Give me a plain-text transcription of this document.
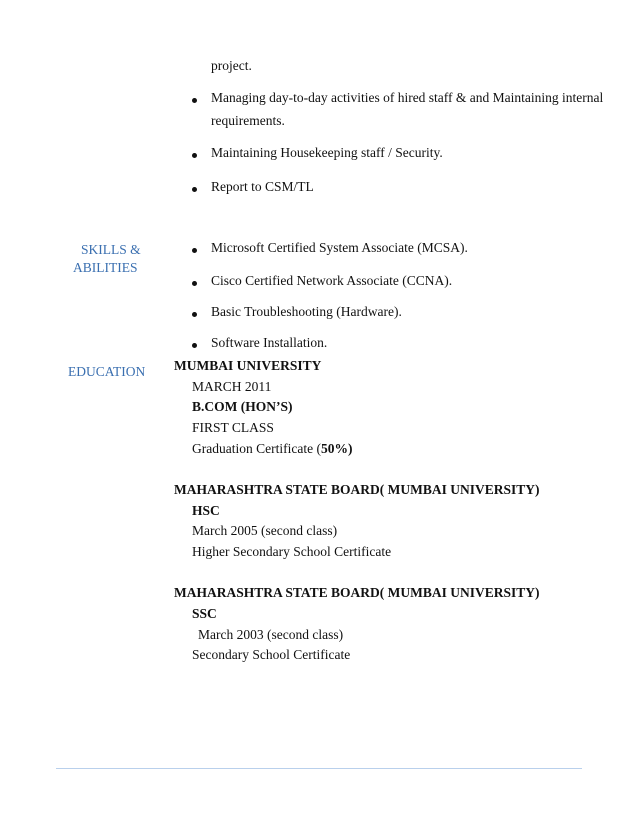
project.
Managing day-to-day activities of hired staff & and Maintaining internal
requirements.
Maintaining Housekeeping staff / Security.
Report to CSM/TL
SKILLS &
ABILITIES
Microsoft Certified System Associate (MCSA).
Cisco Certified Network Associate (CCNA).
Basic Troubleshooting (Hardware).
Software Installation.
EDUCATION MUMBAI UNIVERSITY
MARCH 2011
B.COM (HON’S)
FIRST CLASS
Graduation Certificate (50%)
MAHARASHTRA STATE BOARD( MUMBAI UNIVERSITY)
HSC
March 2005 (second class)
Higher Secondary School Certificate
MAHARASHTRA STATE BOARD( MUMBAI UNIVERSITY)
SSC
March 2003 (second class)
Secondary School Certificate
